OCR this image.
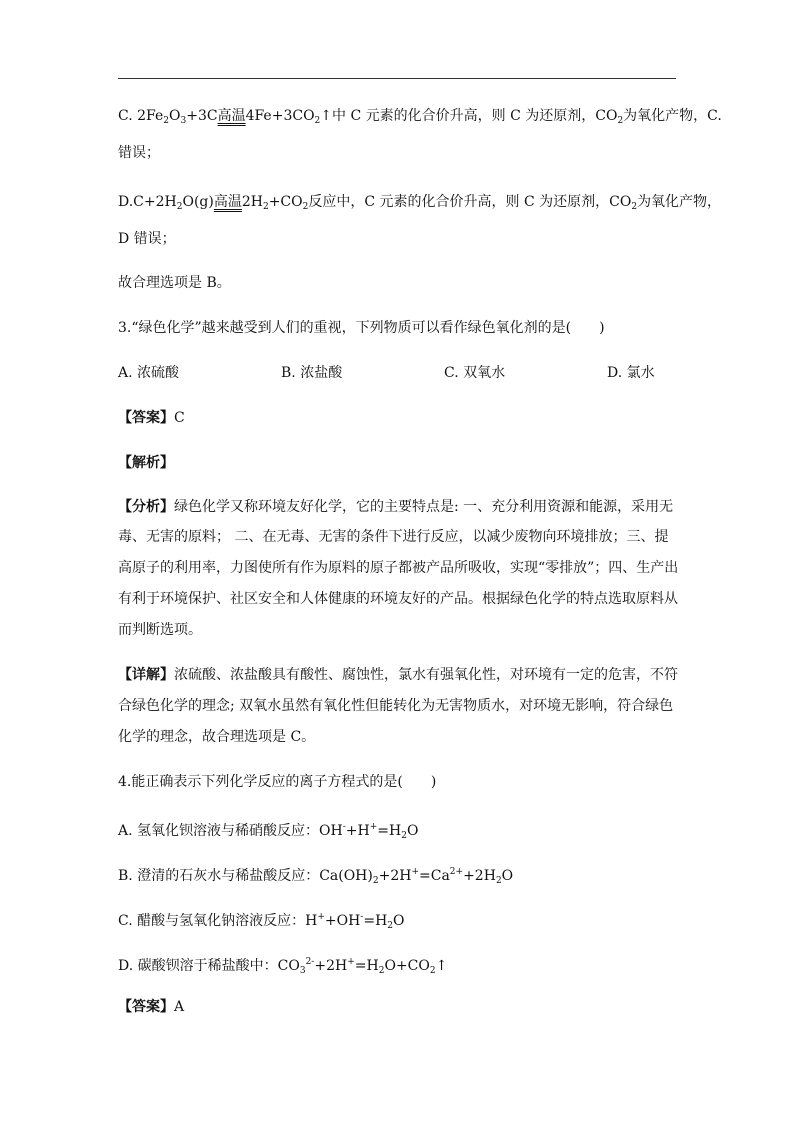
C. $2Fe_2O_3+3C$高温$4Fe+3CO_2↑$中 C 元素的化合价升高，则 C 为还原剂，$CO_2$为氧化产物，C.
错误；
$D.C+2H_2O(g)$高温$2H_2+CO_2$反应中，C 元素的化合价升高，则 C 为还原剂，$CO_2$为氧化产物，
D 错误；
故合理选项是 B。
3.“绿色化学”越来越受到人们的重视，下列物质可以看作绿色氧化剂的是(　　)
A. 浓硫酸	B. 浓盐酸	C. 双氧水	D. 氯水
【答案】C
【解析】
【分析】绿色化学又称环境友好化学，它的主要特点是: 一、充分利用资源和能源，采用无
毒、无害的原料； 二、在无毒、无害的条件下进行反应，以减少废物向环境排放；三、提
高原子的利用率，力图使所有作为原料的原子都被产品所吸收，实现“零排放”；四、生产出
有利于环境保护、社区安全和人体健康的环境友好的产品。根据绿色化学的特点选取原料从
而判断选项。
【详解】浓硫酸、浓盐酸具有酸性、腐蚀性，氯水有强氧化性，对环境有一定的危害，不符
合绿色化学的理念; 双氧水虽然有氧化性但能转化为无害物质水，对环境无影响，符合绿色
化学的理念，故合理选项是 C。
4.能正确表示下列化学反应的离子方程式的是(　　)
A. 氢氧化钡溶液与稀硝酸反应：$OH^-+H^+=H_2O$
B. 澄清的石灰水与稀盐酸反应：$Ca(OH)_2+2H^+=Ca^{2+}+2H_2O$
C. 醋酸与氢氧化钠溶液反应：$H^++OH^-=H_2O$
D. 碳酸钡溶于稀盐酸中：$CO_3^{2-}+2H^+=H_2O+CO_2↑$
【答案】A
